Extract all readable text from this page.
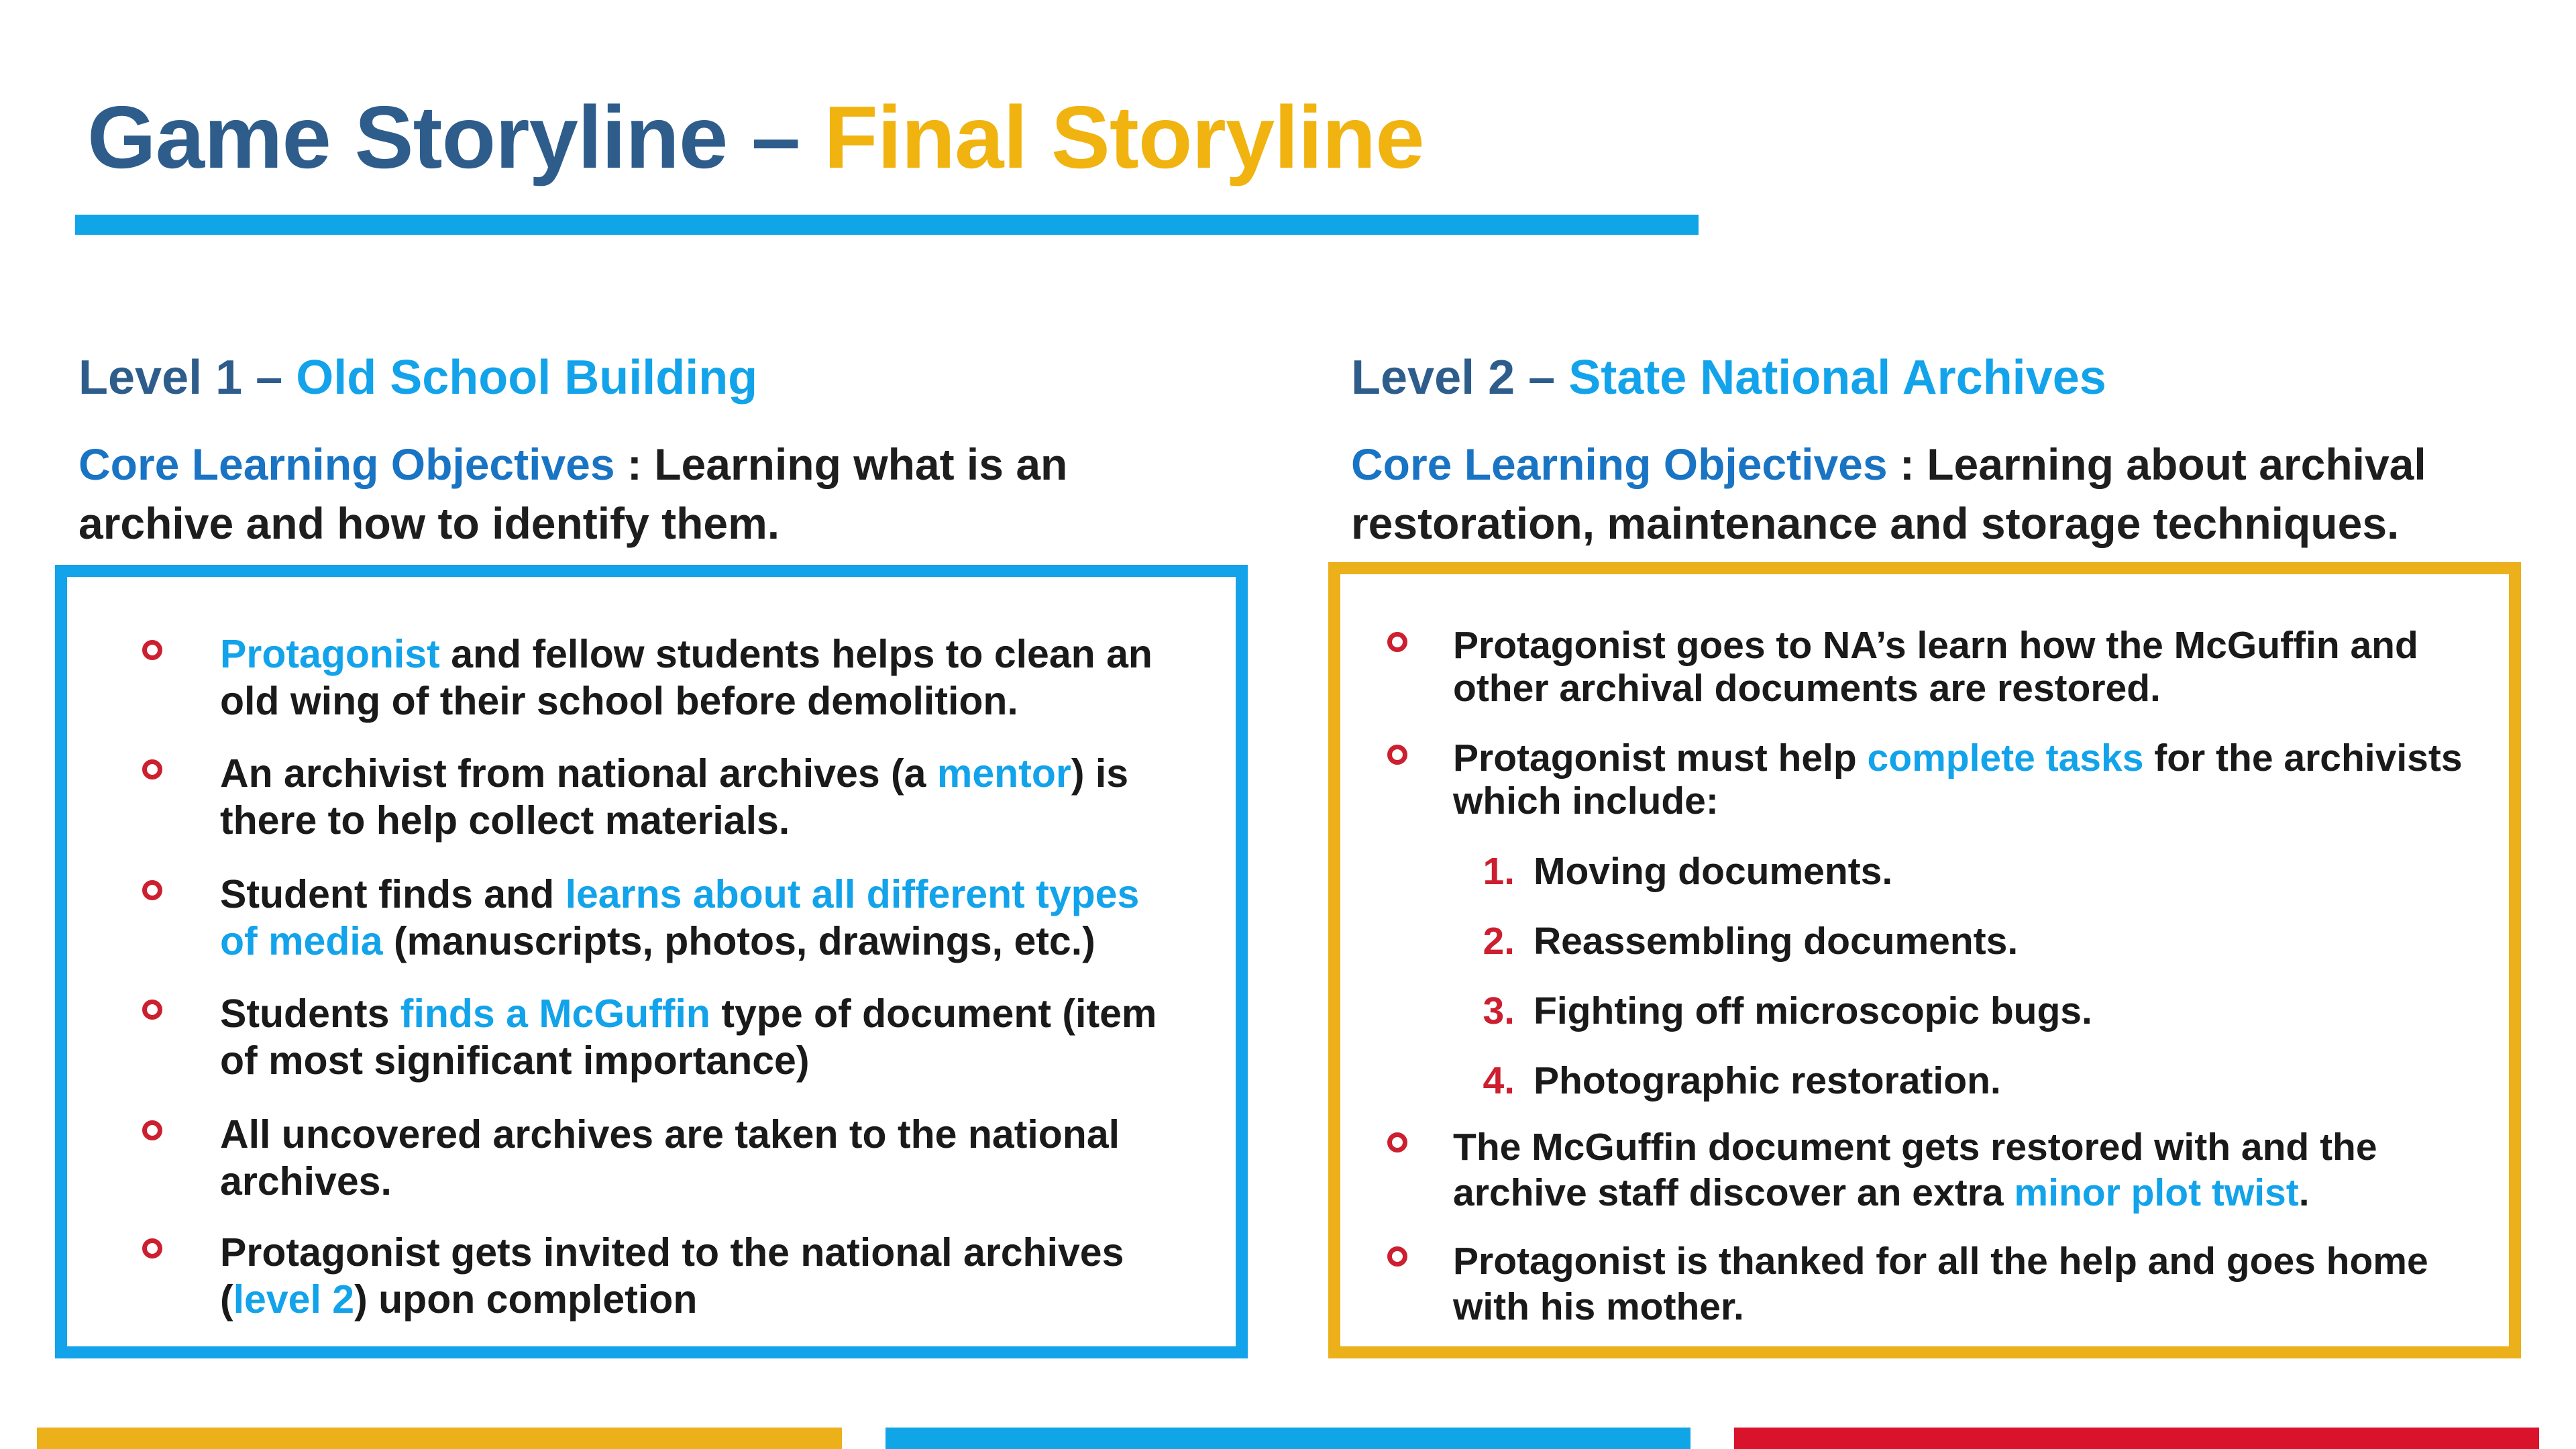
Game Storyline – Final Storyline
Level 1 – Old School Building

Core Learning Objectives : Learning what is an archive and how to identify them.

Level 2 – State National Archives

Core Learning Objectives : Learning about archival restoration, maintenance and storage techniques.

Protagonist and fellow students helps to clean an old wing of their school before demolition.
An archivist from national archives (a mentor) is there to help collect materials.
Student finds and learns about all different types of media (manuscripts, photos, drawings, etc.)
Students finds a McGuffin type of document (item of most significant importance)
All uncovered archives are taken to the national archives.
Protagonist gets invited to the national archives (level 2) upon completion
Protagonist goes to NA’s learn how the McGuffin and other archival documents are restored.
Protagonist must help complete tasks for the archivists which include:
1. Moving documents.
2. Reassembling documents.
3. Fighting off microscopic bugs.
4. Photographic restoration.
The McGuffin document gets restored with and the archive staff discover an extra minor plot twist.
Protagonist is thanked for all the help and goes home with his mother.
